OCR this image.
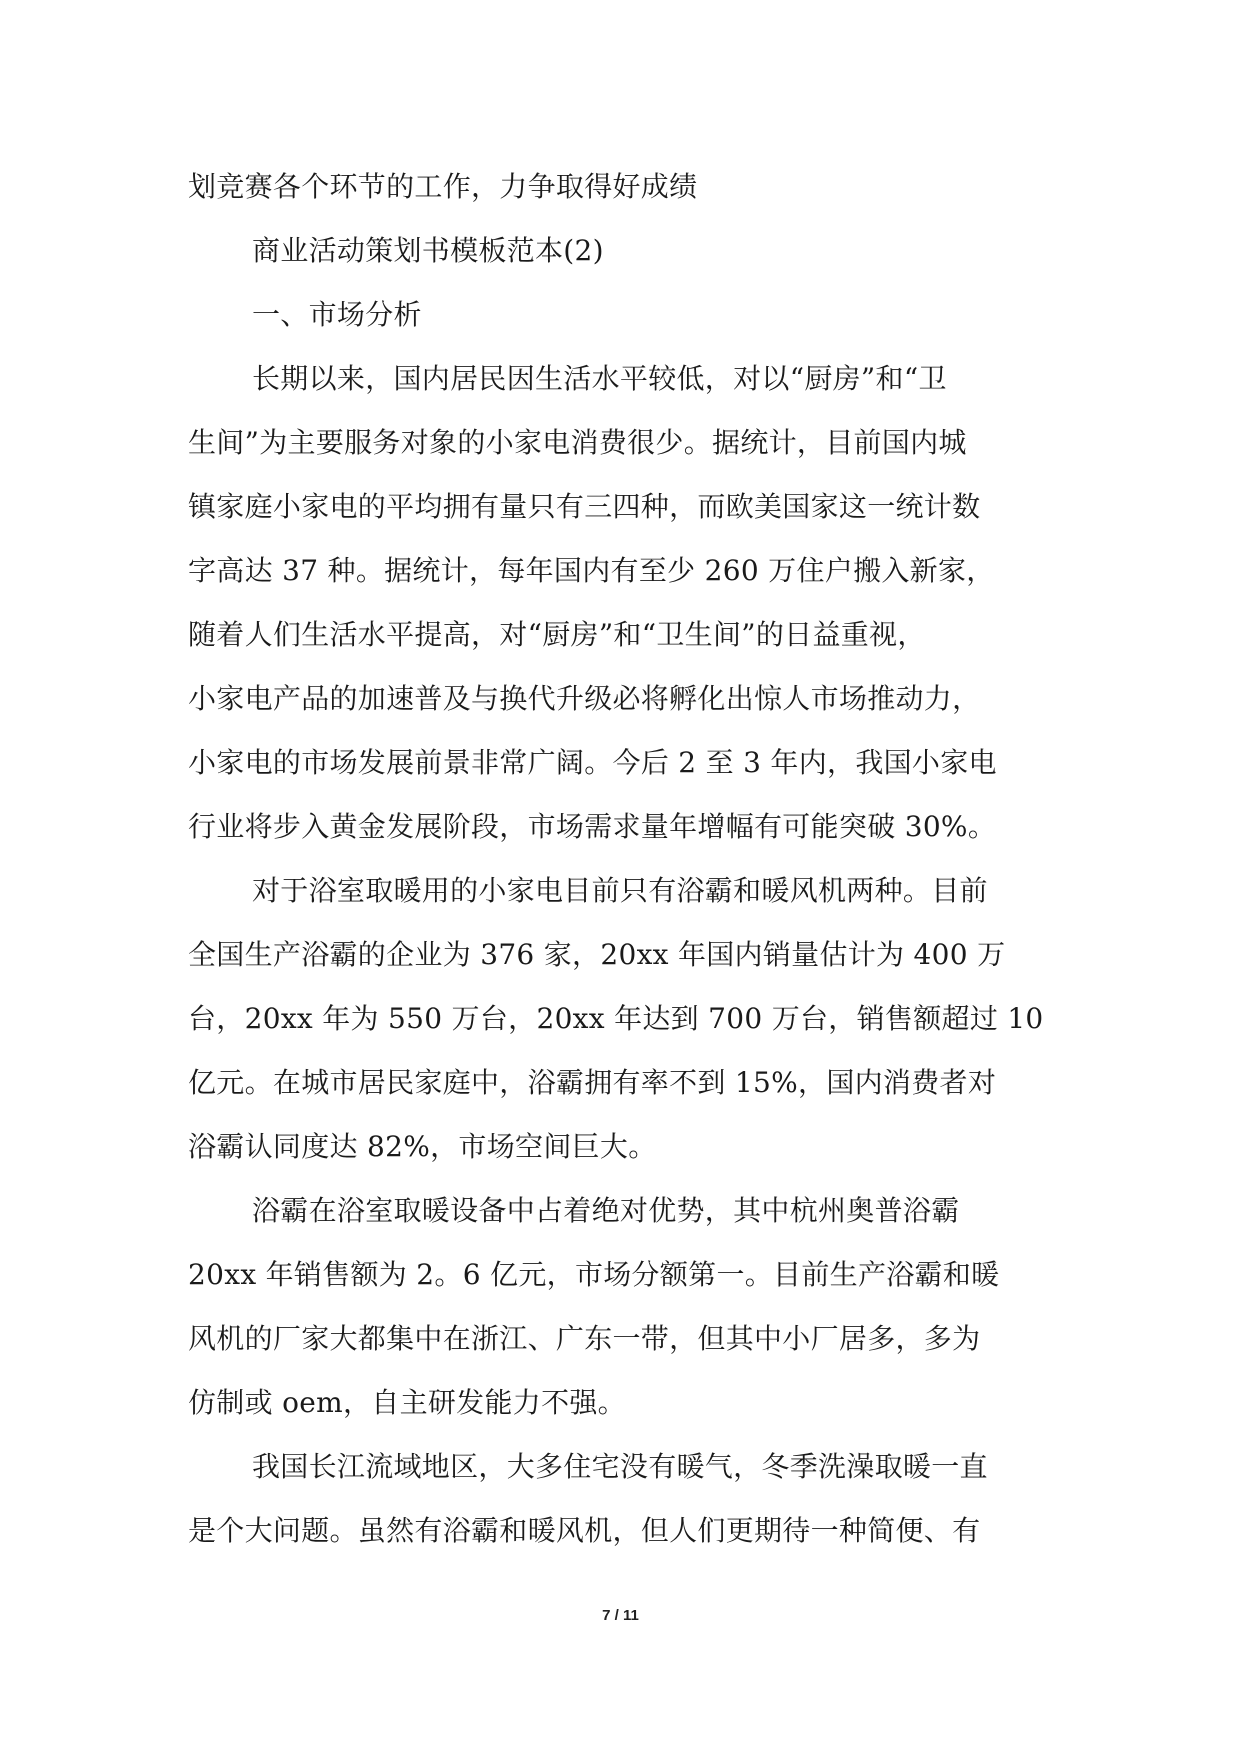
划竞赛各个环节的工作，力争取得好成绩
商业活动策划书模板范本(2)
一、市场分析
长期以来，国内居民因生活水平较低，对以“厨房”和“卫
生间”为主要服务对象的小家电消费很少。据统计，目前国内城
镇家庭小家电的平均拥有量只有三四种，而欧美国家这一统计数
字高达 37 种。据统计，每年国内有至少 260 万住户搬入新家，
随着人们生活水平提高，对“厨房”和“卫生间”的日益重视，
小家电产品的加速普及与换代升级必将孵化出惊人市场推动力，
小家电的市场发展前景非常广阔。今后 2 至 3 年内，我国小家电
行业将步入黄金发展阶段，市场需求量年增幅有可能突破 30%。
对于浴室取暖用的小家电目前只有浴霸和暖风机两种。目前
全国生产浴霸的企业为 376 家，20xx 年国内销量估计为 400 万
台，20xx 年为 550 万台，20xx 年达到 700 万台，销售额超过 10
亿元。在城市居民家庭中，浴霸拥有率不到 15%，国内消费者对
浴霸认同度达 82%，市场空间巨大。
浴霸在浴室取暖设备中占着绝对优势，其中杭州奥普浴霸
20xx 年销售额为 2。6 亿元，市场分额第一。目前生产浴霸和暖
风机的厂家大都集中在浙江、广东一带，但其中小厂居多，多为
仿制或 oem，自主研发能力不强。
我国长江流域地区，大多住宅没有暖气，冬季洗澡取暖一直
是个大问题。虽然有浴霸和暖风机，但人们更期待一种简便、有
7 / 11
